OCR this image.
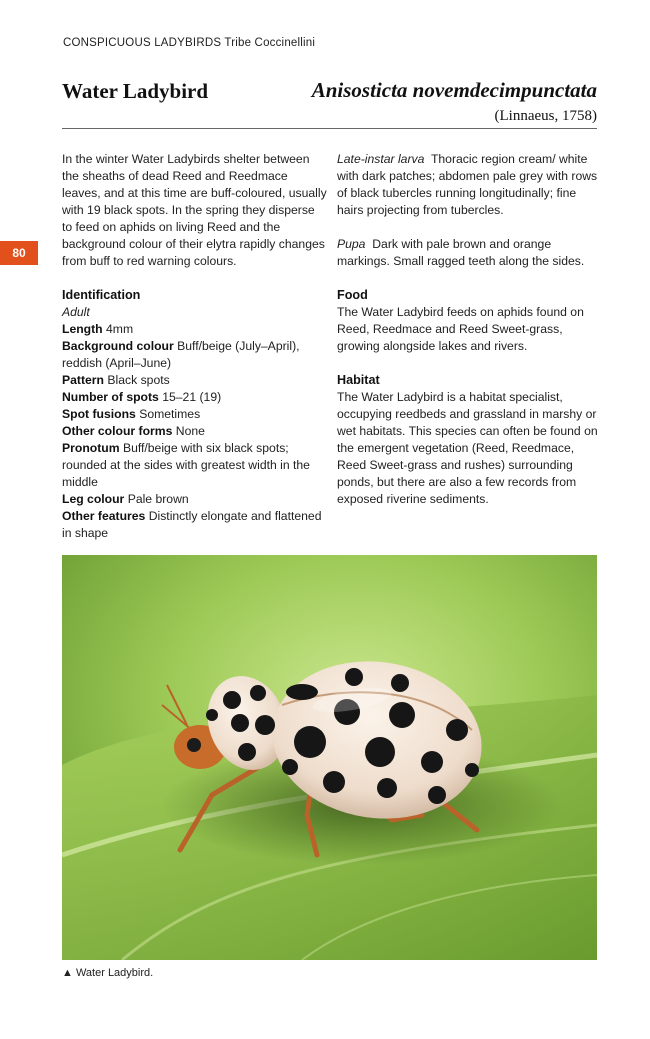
CONSPICUOUS LADYBIRDS Tribe Coccinellini
Water Ladybird	Anisosticta novemdecimpunctata
(Linnaeus, 1758)
80

In the winter Water Ladybirds shelter between the sheaths of dead Reed and Reedmace leaves, and at this time are buff-coloured, usually with 19 black spots. In the spring they disperse to feed on aphids on living Reed and the background colour of their elytra rapidly changes from buff to red warning colours.

Identification

Adult

Length 4mm

Background colour Buff/beige (July–April), reddish (April–June)

Pattern Black spots

Number of spots 15–21 (19)

Spot fusions Sometimes

Other colour forms None

Pronotum Buff/beige with six black spots; rounded at the sides with greatest width in the middle

Leg colour Pale brown

Other features Distinctly elongate and flattened in shape

Late-instar larva Thoracic region cream/ white with dark patches; abdomen pale grey with rows of black tubercles running longitudinally; fine hairs projecting from tubercles.

Pupa Dark with pale brown and orange markings. Small ragged teeth along the sides.

Food

The Water Ladybird feeds on aphids found on Reed, Reedmace and Reed Sweet-grass, growing alongside lakes and rivers.

Habitat

The Water Ladybird is a habitat specialist, occupying reedbeds and grassland in marshy or wet habitats. This species can often be found on the emergent vegetation (Reed, Reedmace, Reed Sweet-grass and rushes) surrounding ponds, but there are also a few records from exposed riverine sediments.

▲ Water Ladybird.
